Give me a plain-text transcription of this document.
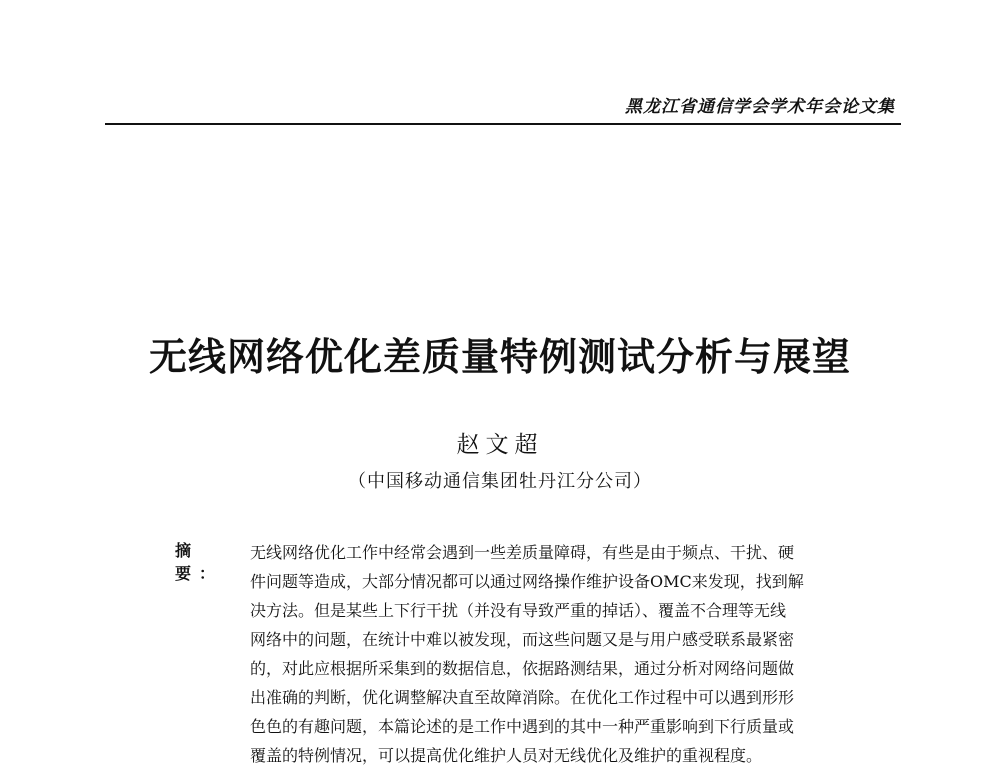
黑龙江省通信学会学术年会论文集
无线网络优化差质量特例测试分析与展望
赵文超
（中国移动通信集团牡丹江分公司）
摘　要：
无线网络优化工作中经常会遇到一些差质量障碍，有些是由于频点、干扰、硬
件问题等造成，大部分情况都可以通过网络操作维护设备OMC来发现，找到解
决方法。但是某些上下行干扰（并没有导致严重的掉话）、覆盖不合理等无线
网络中的问题，在统计中难以被发现，而这些问题又是与用户感受联系最紧密
的，对此应根据所采集到的数据信息，依据路测结果，通过分析对网络问题做
出准确的判断，优化调整解决直至故障消除。在优化工作过程中可以遇到形形
色色的有趣问题，本篇论述的是工作中遇到的其中一种严重影响到下行质量或
覆盖的特例情况，可以提高优化维护人员对无线优化及维护的重视程度。
